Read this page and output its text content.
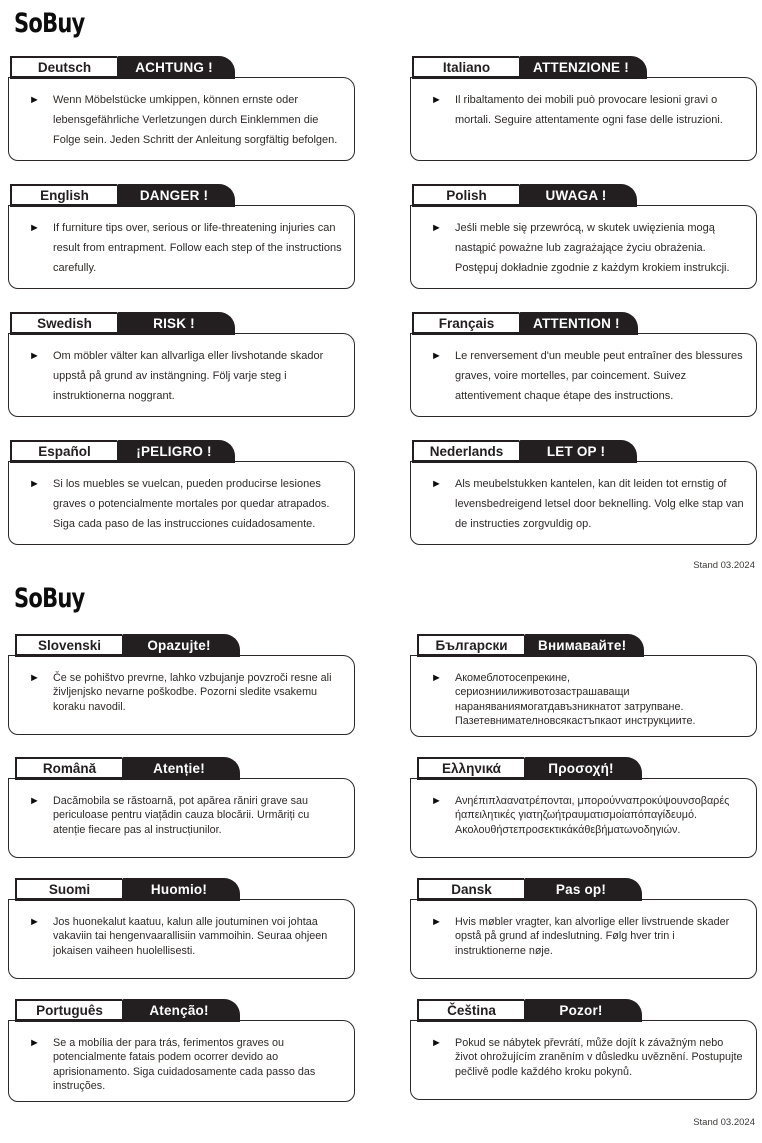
SoBuy
Deutsch	ACHTUNG !
►	Wenn Möbelstücke umkippen, können ernste oder lebensgefährliche Verletzungen durch Einklemmen die Folge sein. Jeden Schritt der Anleitung sorgfältig befolgen.

Italiano	ATTENZIONE !
►	Il ribaltamento dei mobili può provocare lesioni gravi o mortali. Seguire attentamente ogni fase delle istruzioni.

English	DANGER !
►	If furniture tips over, serious or life-threatening injuries can result from entrapment. Follow each step of the instructions carefully.

Polish	UWAGA !
►	Jeśli meble się przewrócą, w skutek uwięzienia mogą nastąpić poważne lub zagrażające życiu obrażenia. Postępuj dokładnie zgodnie z każdym krokiem instrukcji.

Swedish	RISK !
►	Om möbler välter kan allvarliga eller livshotande skador uppstå på grund av instängning. Följ varje steg i instruktionerna noggrant.

Français	ATTENTION !
►	Le renversement d'un meuble peut entraîner des blessures graves, voire mortelles, par coincement. Suivez attentivement chaque étape des instructions.

Español	¡PELIGRO !
►	Si los muebles se vuelcan, pueden producirse lesiones graves o potencialmente mortales por quedar atrapados. Siga cada paso de las instrucciones cuidadosamente.

Nederlands	LET OP !
►	Als meubelstukken kantelen, kan dit leiden tot ernstig of levensbedreigend letsel door beknelling. Volg elke stap van de instructies zorgvuldig op.

Stand 03.2024
SoBuy
Slovenski	Opazujte!
►	Če se pohištvo prevrne, lahko vzbujanje povzroči resne ali življenjsko nevarne poškodbe. Pozorni sledite vsakemu koraku navodil.

Български	Внимавайте!
►	Акомеблотосепрекине, сериозниилиживотозастрашаващи нараняваниямогатдавъзникнатот затрупване. Пазетевнимателновсякастъпкаот инструкциите.

Română	Atenție!
►	Dacămobila se răstoarnă, pot apărea răniri grave sau periculoase pentru viațădin cauza blocării. Urmăriți cu atenție fiecare pas al instrucțiunilor.

Ελληνικά	Προσοχή!
►	Ανηέπιπλαανατρέπονται, μπορούνναπροκύψουνσοβαρές ήαπειλητικές γιατηζωήτραυματισμοίαπόπαγίδευμό. Ακολουθήστεπροσεκτικάκάθεβήματωνοδηγιών.

Suomi	Huomio!
►	Jos huonekalut kaatuu, kalun alle joutuminen voi johtaa vakaviin tai hengenvaarallisiin vammoihin. Seuraa ohjeen jokaisen vaiheen huolellisesti.

Dansk	Pas op!
►	Hvis møbler vragter, kan alvorlige eller livstruende skader opstå på grund af indeslutning. Følg hver trin i instruktionerne nøje.

Português	Atenção!
►	Se a mobília der para trás, ferimentos graves ou potencialmente fatais podem ocorrer devido ao aprisionamento. Siga cuidadosamente cada passo das instruções.

Čeština	Pozor!
►	Pokud se nábytek převrátí, může dojít k závažným nebo život ohrožujícím zraněním v důsledku uvěznění. Postupujte pečlivě podle každého kroku pokynů.

Stand 03.2024
